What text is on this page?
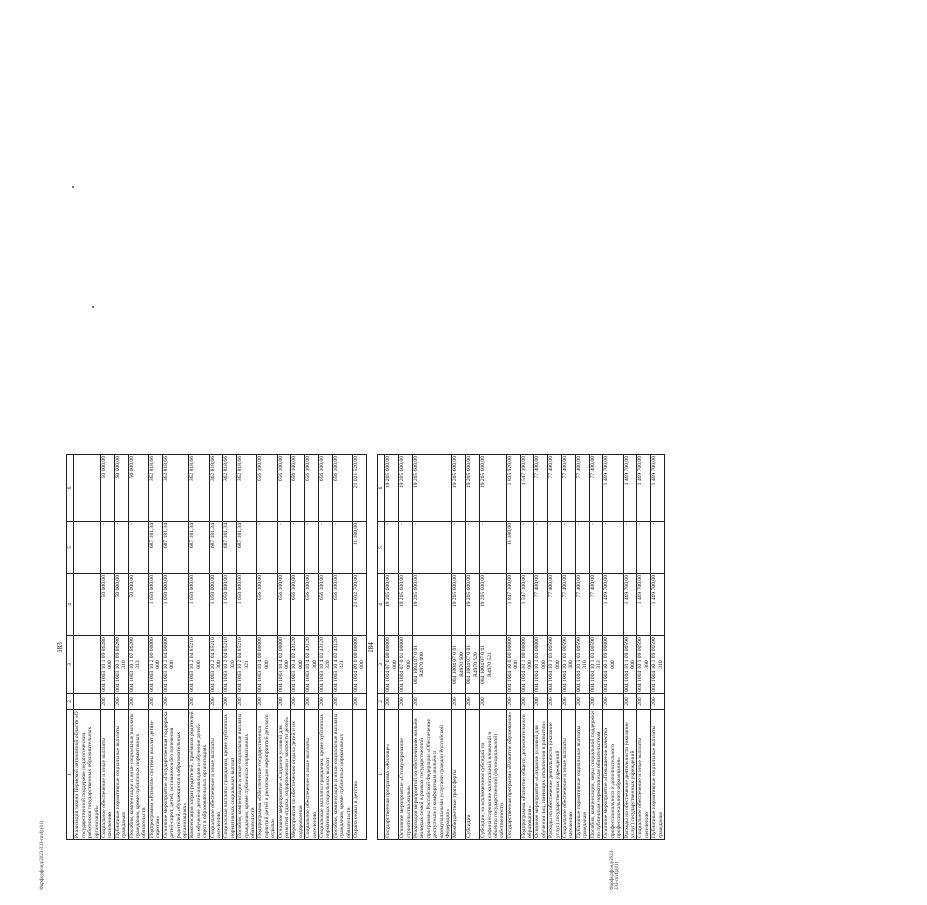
183
1	2	3	4	5	6
Реализация закона Пермской автономной области «О государственной поддержке педагогических работников государственных образовательных организаций»					
Социальное обеспечение и иные выплаты населению	200	004 1003 10 1 09 86280 000	50 000,00	-	50 000,00
Публичные нормативные социальные выплаты гражданам	200	004 1003 10 1 09 86280 310	50 000,00	-	50 000,00
Пособия, компенсации и иные социальные выплаты гражданам, кроме публичных нормативных обязательств	200	004 1003 10 1 07 86280 313	50 000,00	-	50 000,00
Подпрограмма «Развитие системы выплат детям-сиротам»	200	004 1003 10 2 00 00000 000	1 050 000,00	687 181,34	362 818,66
Основное мероприятие «Государственная поддержка детей-сирот, детей, оставшихся без попечения родителей, обучающихся в образовательных организациях»	200	004 1003 10 2 04 00000 000	1 050 000,00	687 181,34	362 818,66
Компенсация затрат родителей, приёмных родителей на обучение детей-инвалидов и обучение детей-сирот в образовательных организациях	200	004 1003 10 2 04 85210 000	1 050 000,00	687 181,34	362 818,66
Социальное обеспечение и иные выплаты населению	200	004 1003 10 2 04 85210 300	1 050 000,00	687 181,34	362 818,66
Социальные выплаты гражданам, кроме публичных нормативных социальных выплат	200	004 1003 10 2 04 85210 320	1 050 000,00	687 181,34	362 818,66
Пособия, компенсации и иные социальные выплаты гражданам, кроме публичных нормативных обязательств	200	004 1003 10 2 04 85210 321	1 050 000,00	687 181,34	362 818,66
Подпрограмма «Обеспечение государственных гарантий детей и реализация мероприятий детского отдыха»	200	004 1003 10 4 00 00000 000	656 100,00	-	656 100,00
Основное мероприятие «Создание условий для развития отдыха, оздоровления и занятости детей»	200	004 1003 10 4 02 00000 000	656 100,00	-	656 100,00
Мероприятия по обеспечению отдыха детей и их оздоровления	200	004 1003 10 4 02 43120 000	656 100,00	-	656 100,00
Социальное обеспечение и иные выплаты населению	200	004 1003 10 4 02 43120 300	656 100,00	-	656 100,00
Социальные выплаты гражданам, кроме публичных нормативных социальных выплат	200	004 1003 10 4 02 43120 320	656 100,00	-	656 100,00
Пособия, компенсации и иные социальные выплаты гражданам, кроме публичных нормативных обязательств	200	004 1003 10 4 02 43120 321	656 100,00	-	656 100,00
Охрана семьи и детства	200	004 1004 00 0 00 00000 000	21 032 700,00	11 180,00	21 021 520,00
184
1	2	3	4	5	6
Государственная программа «Жилище»	200	004 1004 07 0 00 00000 000	19 205 600,00	-	19 205 600,00
Основное мероприятие «Стимулирование строительства жилья»	200	004 1004 07 0 01 00000 000	19 205 600,00	-	19 205 600,00
Реализация мероприятий по обеспечению жильём молодых семей в рамках государственной программы Российской Федерации «Обеспечение доступным и комфортным жильём и коммунальными услугами граждан Российской Федерации»	200	004 1004 07 0 01 R4970 000	19 205 600,00	-	19 205 600,00
Межбюджетные трансферты	200	004 1004 07 0 01 R4970 500	19 205 600,00	-	19 205 600,00
Субсидии	200	004 1004 07 0 01 R4970 520	19 205 600,00	-	19 205 600,00
Субсидии, за исключением субсидий на софинансирование капитальных вложений в объекты государственной (муниципальной) собственности	200	004 1004 07 0 01 R4970 521	19 205 600,00	-	19 205 600,00
Государственная программа «Развитие образования»	200	004 1004 10 0 00 00000 000	1 847 100,00	11 180,00	1 835 920,00
Подпрограмма «Развитие общего, дополнительного образования»	200	004 1004 10 1 00 00000 000	1 547 100,00	-	1 547 100,00
Основное мероприятие «Создание условий для обучения лиц, имеющих отклонения в развитии»	200	004 1004 10 1 03 00000 000	77 400,00	-	77 400,00
Расходы на обеспечение деятельности (оказание услуг) государственных учреждений	200	004 1004 10 1 03 00590 000	77 400,00	-	77 400,00
Социальное обеспечение и иные выплаты населению	200	004 1004 10 1 03 00590 300	77 400,00	-	77 400,00
Публичные нормативные социальные выплаты гражданам	200	004 1004 10 1 03 00590 310	77 400,00	-	77 400,00
Пособия, компенсации, меры социальной поддержки по публичным нормативным обязательствам	200	004 1004 10 1 03 00590 313	77 400,00	-	77 400,00
Основное мероприятие «Повышение качества профессионального и дополнительного профессионального образования»	200	004 1004 10 1 09 00000 000	1 469 700,00	-	1 469 700,00
Расходы на обеспечение деятельности (оказание услуг) государственных учреждений	200	004 1004 10 1 09 00590 000	1 469 700,00	-	1 469 700,00
Социальное обеспечение и иные выплаты населению	200	004 1004 10 1 09 00590 300	1 469 700,00	-	1 469 700,00
Публичные нормативные социальные выплаты гражданам	200	004 1004 10 1 09 00590 310	1 469 700,00	-	1 469 700,00
Фарфорфонд/2023-333-rnvfp(01)	Фарфорфонд/2023-333-rnvfp(01)
